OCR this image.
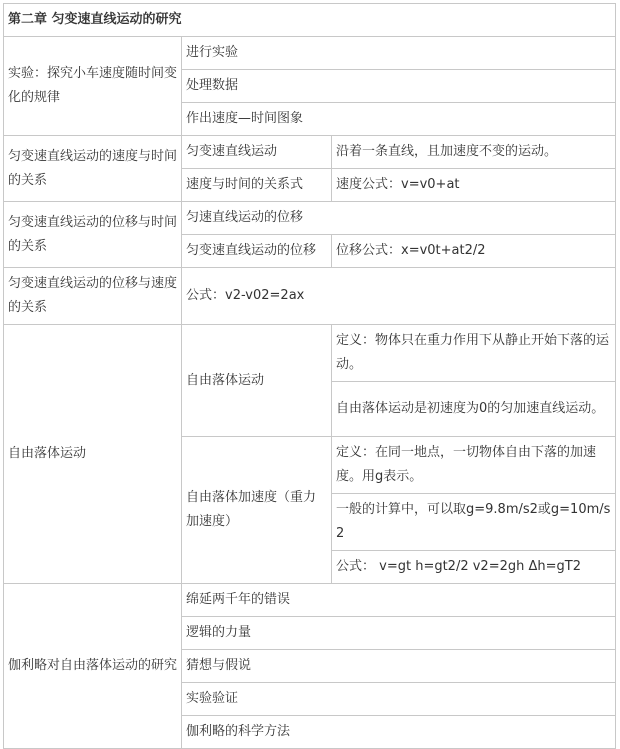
第二章 匀变速直线运动的研究		
实验：探究小车速度随时间变化的规律	进行实验	
	处理数据	
	作出速度—时间图象	
匀变速直线运动的速度与时间的关系	匀变速直线运动	沿着一条直线，且加速度不变的运动。
	速度与时间的关系式	速度公式：v=v0+at
匀变速直线运动的位移与时间的关系	匀速直线运动的位移	
	匀变速直线运动的位移	位移公式：x=v0t+at2/2
匀变速直线运动的位移与速度的关系	公式：v2-v02=2ax	
自由落体运动	自由落体运动	定义：物体只在重力作用下从静止开始下落的运动。
		自由落体运动是初速度为0的匀加速直线运动。
	自由落体加速度（重力加速度）	定义：在同一地点，一切物体自由下落的加速度。用g表示。
		一般的计算中，可以取g=9.8m/s2或g=10m/s2
		公式： v=gt h=gt2/2 v2=2gh Δh=gT2
伽利略对自由落体运动的研究	绵延两千年的错误	
	逻辑的力量	
	猜想与假说	
	实验验证	
	伽利略的科学方法	
